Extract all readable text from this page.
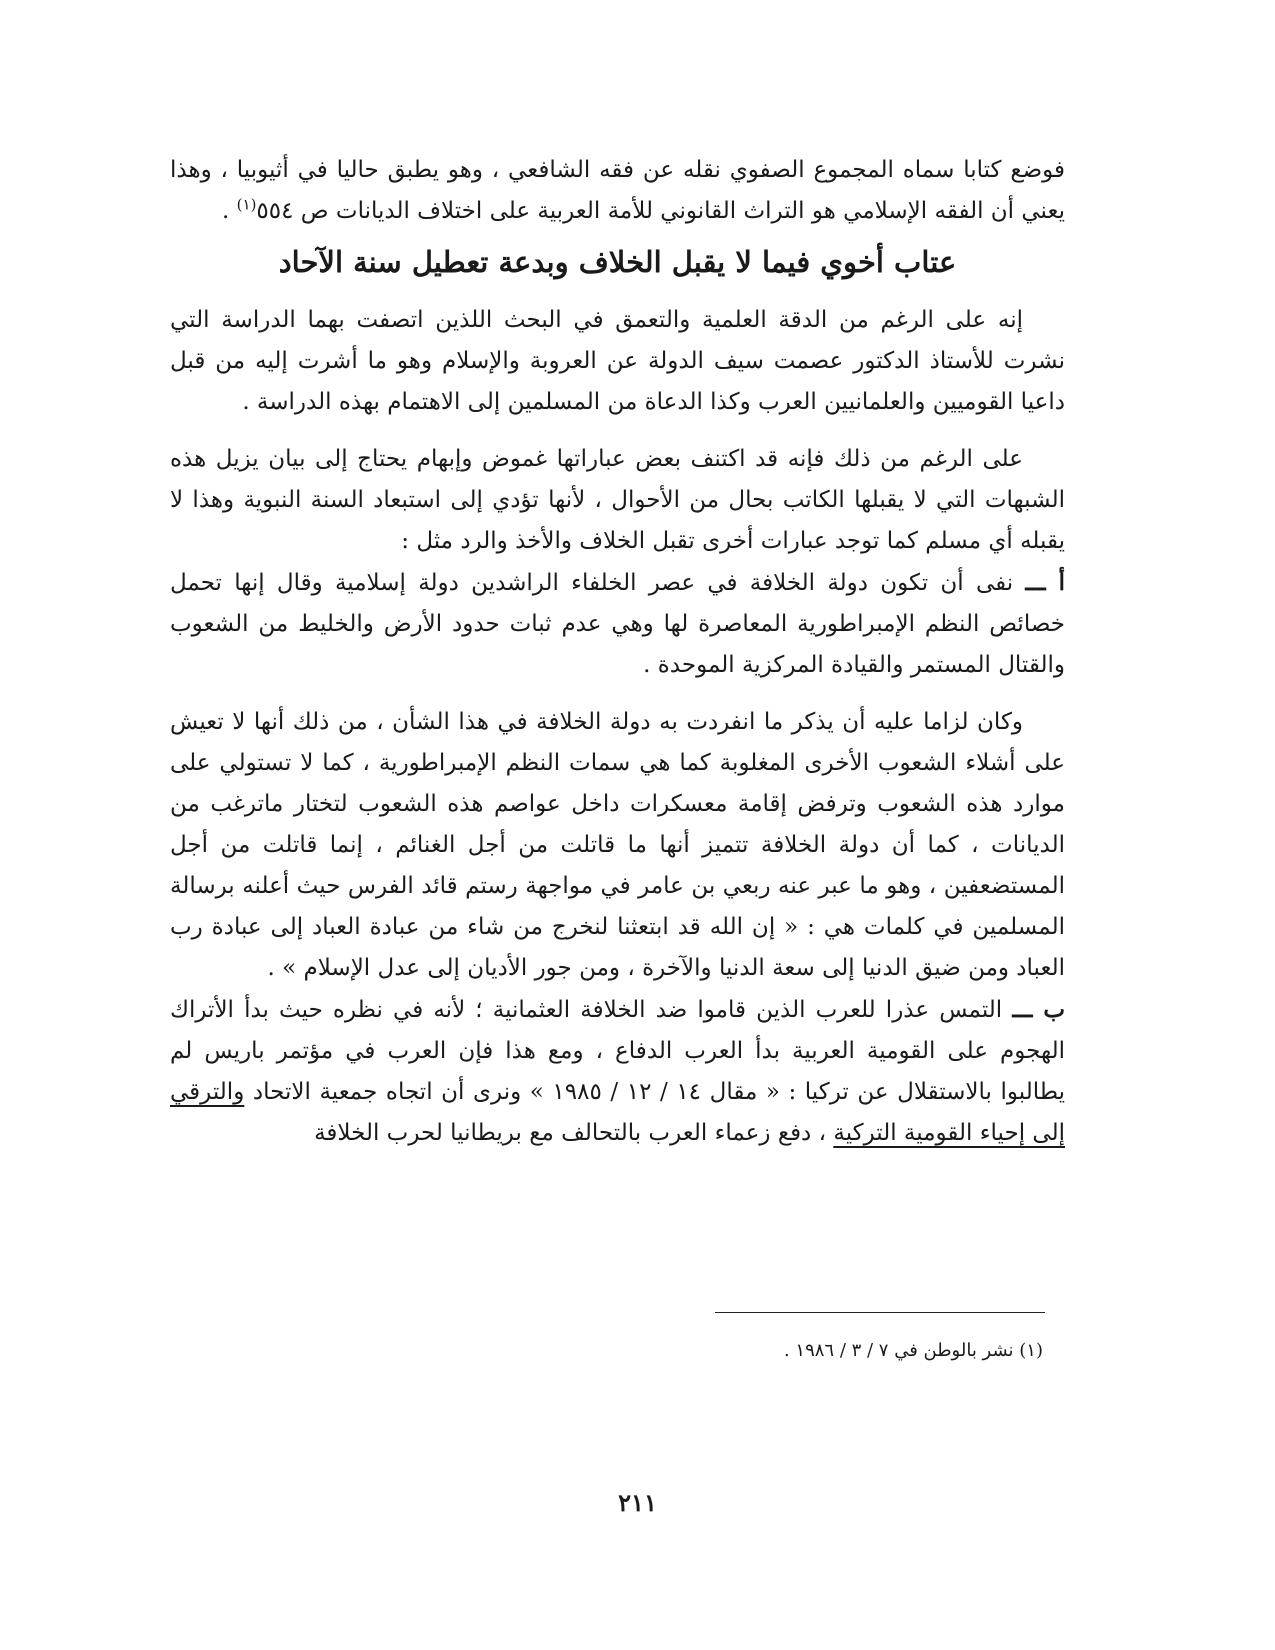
فوضع كتابا سماه المجموع الصفوي نقله عن فقه الشافعي ، وهو يطبق حاليا في أثيوبيا ، وهذا يعني أن الفقه الإسلامي هو التراث القانوني للأمة العربية على اختلاف الديانات ص ٥٥٤$^{(١)}$ .

عتاب أخوي فيما لا يقبل الخلاف وبدعة تعطيل سنة الآحاد

إنه على الرغم من الدقة العلمية والتعمق في البحث اللذين اتصفت بهما الدراسة التي نشرت للأستاذ الدكتور عصمت سيف الدولة عن العروبة والإسلام وهو ما أشرت إليه من قبل داعيا القوميين والعلمانيين العرب وكذا الدعاة من المسلمين إلى الاهتمام بهذه الدراسة .

على الرغم من ذلك فإنه قد اكتنف بعض عباراتها غموض وإبهام يحتاج إلى بيان يزيل هذه الشبهات التي لا يقبلها الكاتب بحال من الأحوال ، لأنها تؤدي إلى استبعاد السنة النبوية وهذا لا يقبله أي مسلم كما توجد عبارات أخرى تقبل الخلاف والأخذ والرد مثل :

أ ـــ نفى أن تكون دولة الخلافة في عصر الخلفاء الراشدين دولة إسلامية وقال إنها تحمل خصائص النظم الإمبراطورية المعاصرة لها وهي عدم ثبات حدود الأرض والخليط من الشعوب والقتال المستمر والقيادة المركزية الموحدة .

وكان لزاما عليه أن يذكر ما انفردت به دولة الخلافة في هذا الشأن ، من ذلك أنها لا تعيش على أشلاء الشعوب الأخرى المغلوبة كما هي سمات النظم الإمبراطورية ، كما لا تستولي على موارد هذه الشعوب وترفض إقامة معسكرات داخل عواصم هذه الشعوب لتختار ماترغب من الديانات ، كما أن دولة الخلافة تتميز أنها ما قاتلت من أجل الغنائم ، إنما قاتلت من أجل المستضعفين ، وهو ما عبر عنه ربعي بن عامر في مواجهة رستم قائد الفرس حيث أعلنه برسالة المسلمين في كلمات هي : « إن الله قد ابتعثنا لنخرج من شاء من عبادة العباد إلى عبادة رب العباد ومن ضيق الدنيا إلى سعة الدنيا والآخرة ، ومن جور الأديان إلى عدل الإسلام » .

ب ـــ التمس عذرا للعرب الذين قاموا ضد الخلافة العثمانية ؛ لأنه في نظره حيث بدأ الأتراك الهجوم على القومية العربية بدأ العرب الدفاع ، ومع هذا فإن العرب في مؤتمر باريس لم يطالبوا بالاستقلال عن تركيا : « مقال ١٤ / ١٢ / ١٩٨٥ » ونرى أن اتجاه جمعية الاتحاد والترقي إلى إحياء القومية التركية ، دفع زعماء العرب بالتحالف مع بريطانيا لحرب الخلافة

(١) نشر بالوطن في ٧ / ٣ / ١٩٨٦ .

٢١١
